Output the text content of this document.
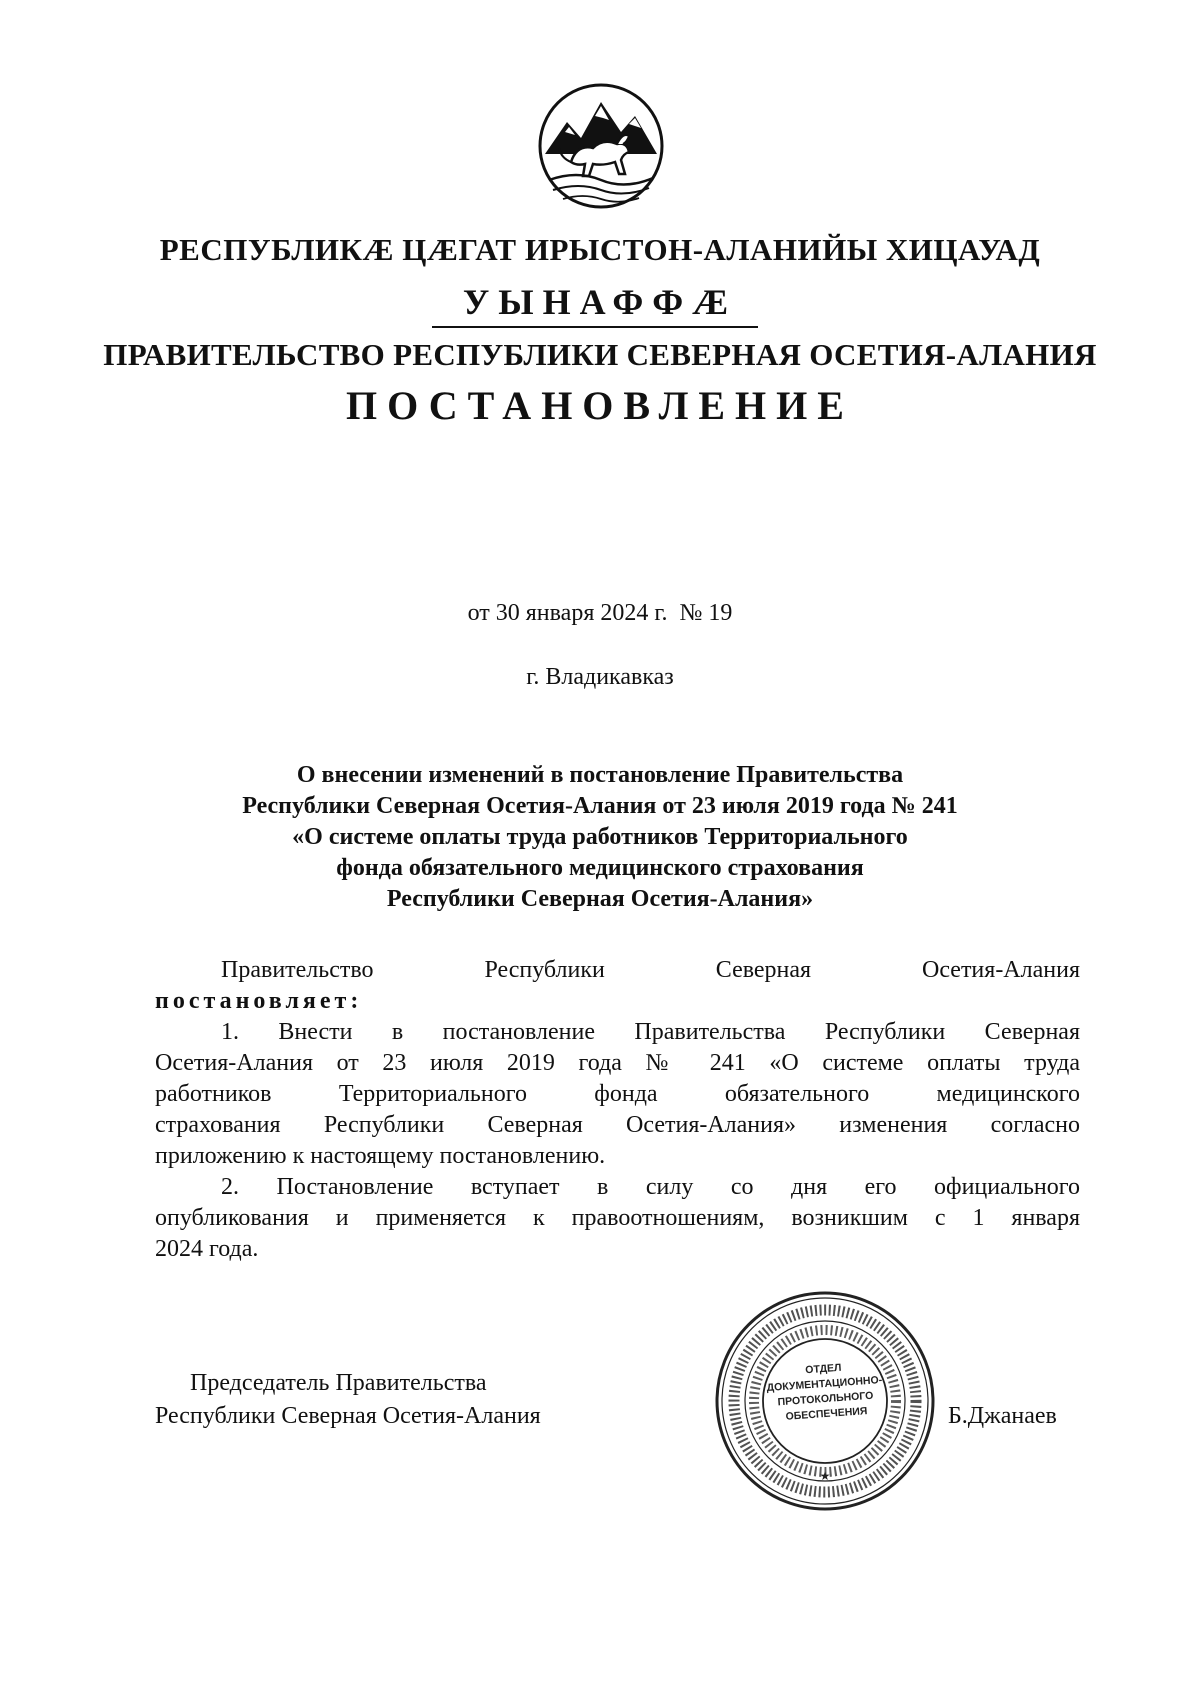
РЕСПУБЛИКÆ ЦÆГАТ ИРЫСТОН-АЛАНИЙЫ ХИЦАУАД
УЫНАФФÆ
ПРАВИТЕЛЬСТВО РЕСПУБЛИКИ СЕВЕРНАЯ ОСЕТИЯ-АЛАНИЯ
ПОСТАНОВЛЕНИЕ
от 30 января 2024 г. № 19
г. Владикавказ
О внесении изменений в постановление Правительства
Республики Северная Осетия-Алания от 23 июля 2019 года № 241
«О системе оплаты труда работников Территориального
фонда обязательного медицинского страхования
Республики Северная Осетия-Алания»
Правительство Республики Северная Осетия-Алания
постановляет:
1. Внести в постановление Правительства Республики Северная
Осетия-Алания от 23 июля 2019 года № 241 «О системе оплаты труда
работников Территориального фонда обязательного медицинского
страхования Республики Северная Осетия-Алания» изменения согласно
приложению к настоящему постановлению.
2. Постановление вступает в силу со дня его официального
опубликования и применяется к правоотношениям, возникшим с 1 января
2024 года.
Председатель Правительства
Республики Северная Осетия-Алания
★
ОТДЕЛ
ДОКУМЕНТАЦИОННО-
ПРОТОКОЛЬНОГО
ОБЕСПЕЧЕНИЯ	Б.Джанаев
